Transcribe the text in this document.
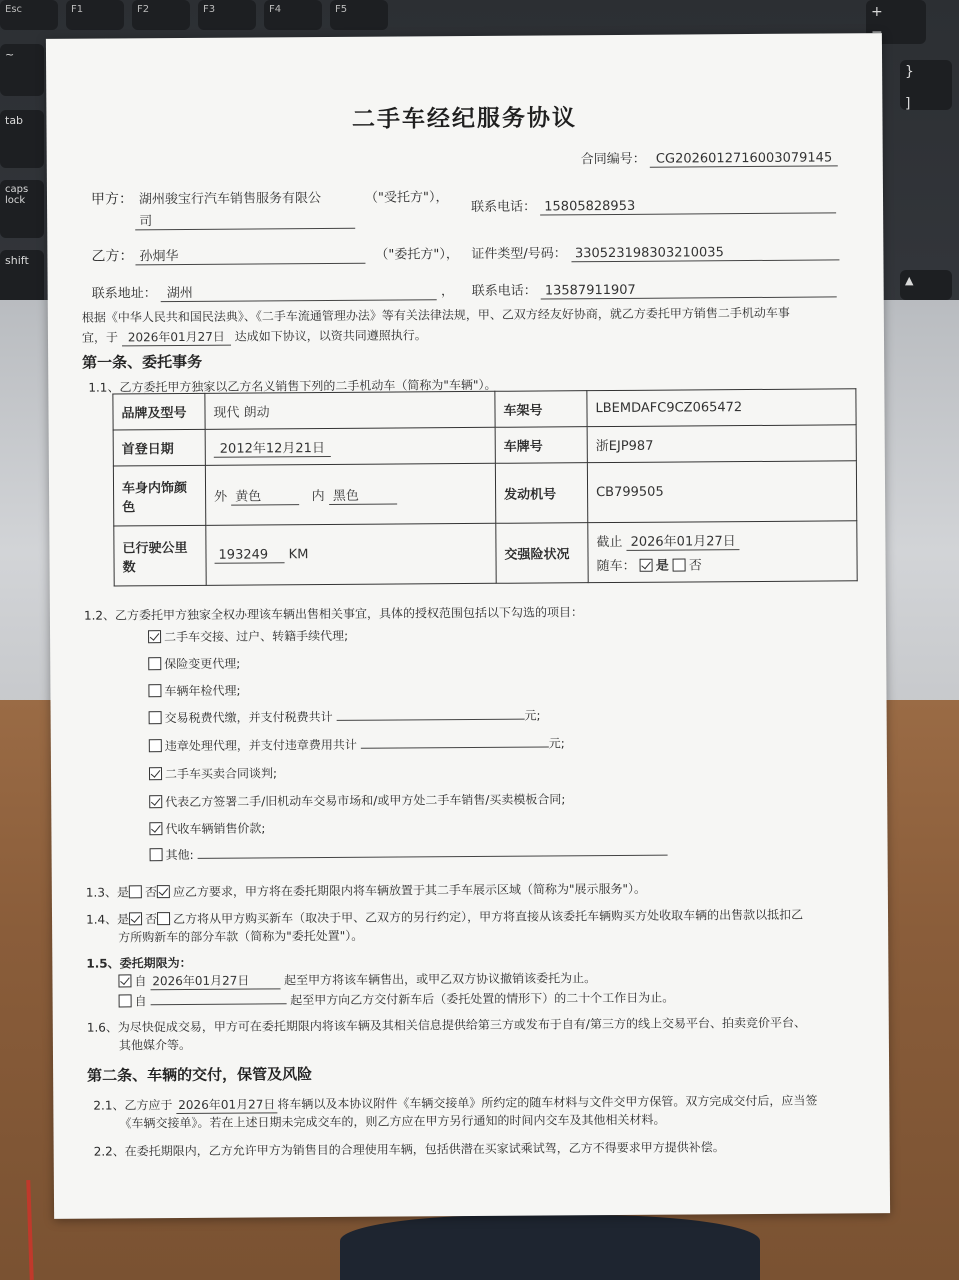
Esc	F1	F2	F3	F4	F5
~
tab
caps lock
shift
}
]
+
▲
二手车经纪服务协议
合同编号： CG2026012716003079145
甲方： 湖州骏宝行汽车销售服务有限公
司
（"受托方"），
联系电话： 15805828953
乙方： 孙炯华	（"委托方"）， 证件类型/号码： 330523198303210035
联系地址： 湖州	， 联系电话： 13587911907
根据《中华人民共和国民法典》、《二手车流通管理办法》等有关法律法规，甲、乙双方经友好协商，就乙方委托甲方销售二手机动车事
宜，于 2026年01月27日 达成如下协议，以资共同遵照执行。
第一条、委托事务
1.1、乙方委托甲方独家以乙方名义销售下列的二手机动车（简称为"车辆"）。
品牌及型号	现代 朗动	车架号	LBEMDAFC9CZ065472
首登日期	2012年12月21日	车牌号	浙EJP987
车身内饰颜色	外 黄色 内 黑色	发动机号	CB799505
已行驶公里数	193249 KM	交强险状况	截止 2026年01月27日
随车： 是 否
1.2、乙方委托甲方独家全权办理该车辆出售相关事宜，具体的授权范围包括以下勾选的项目：
二手车交接、过户、转籍手续代理;
保险变更代理;
车辆年检代理;
交易税费代缴，并支付税费共计	元;
违章处理代理，并支付违章费用共计	元;
二手车买卖合同谈判;
代表乙方签署二手/旧机动车交易市场和/或甲方处二手车销售/买卖模板合同;
代收车辆销售价款;
其他:
1.3、是 否 应乙方要求，甲方将在委托期限内将车辆放置于其二手车展示区域（简称为"展示服务"）。
1.4、是 否 乙方将从甲方购买新车（取决于甲、乙双方的另行约定），甲方将直接从该委托车辆购买方处收取车辆的出售款以抵扣乙
方所购新车的部分车款（简称为"委托处置"）。
1.5、委托期限为：
自 2026年01月27日	起至甲方将该车辆售出，或甲乙双方协议撤销该委托为止。
自	起至甲方向乙方交付新车后（委托处置的情形下）的二十个工作日为止。
1.6、为尽快促成交易，甲方可在委托期限内将该车辆及其相关信息提供给第三方或发布于自有/第三方的线上交易平台、拍卖竞价平台、
其他媒介等。
第二条、车辆的交付，保管及风险
2.1、乙方应于 2026年01月27日 将车辆以及本协议附件《车辆交接单》所约定的随车材料与文件交甲方保管。双方完成交付后，应当签
《车辆交接单》。若在上述日期未完成交车的，则乙方应在甲方另行通知的时间内交车及其他相关材料。
2.2、在委托期限内，乙方允许甲方为销售目的合理使用车辆，包括供潜在买家试乘试驾，乙方不得要求甲方提供补偿。
